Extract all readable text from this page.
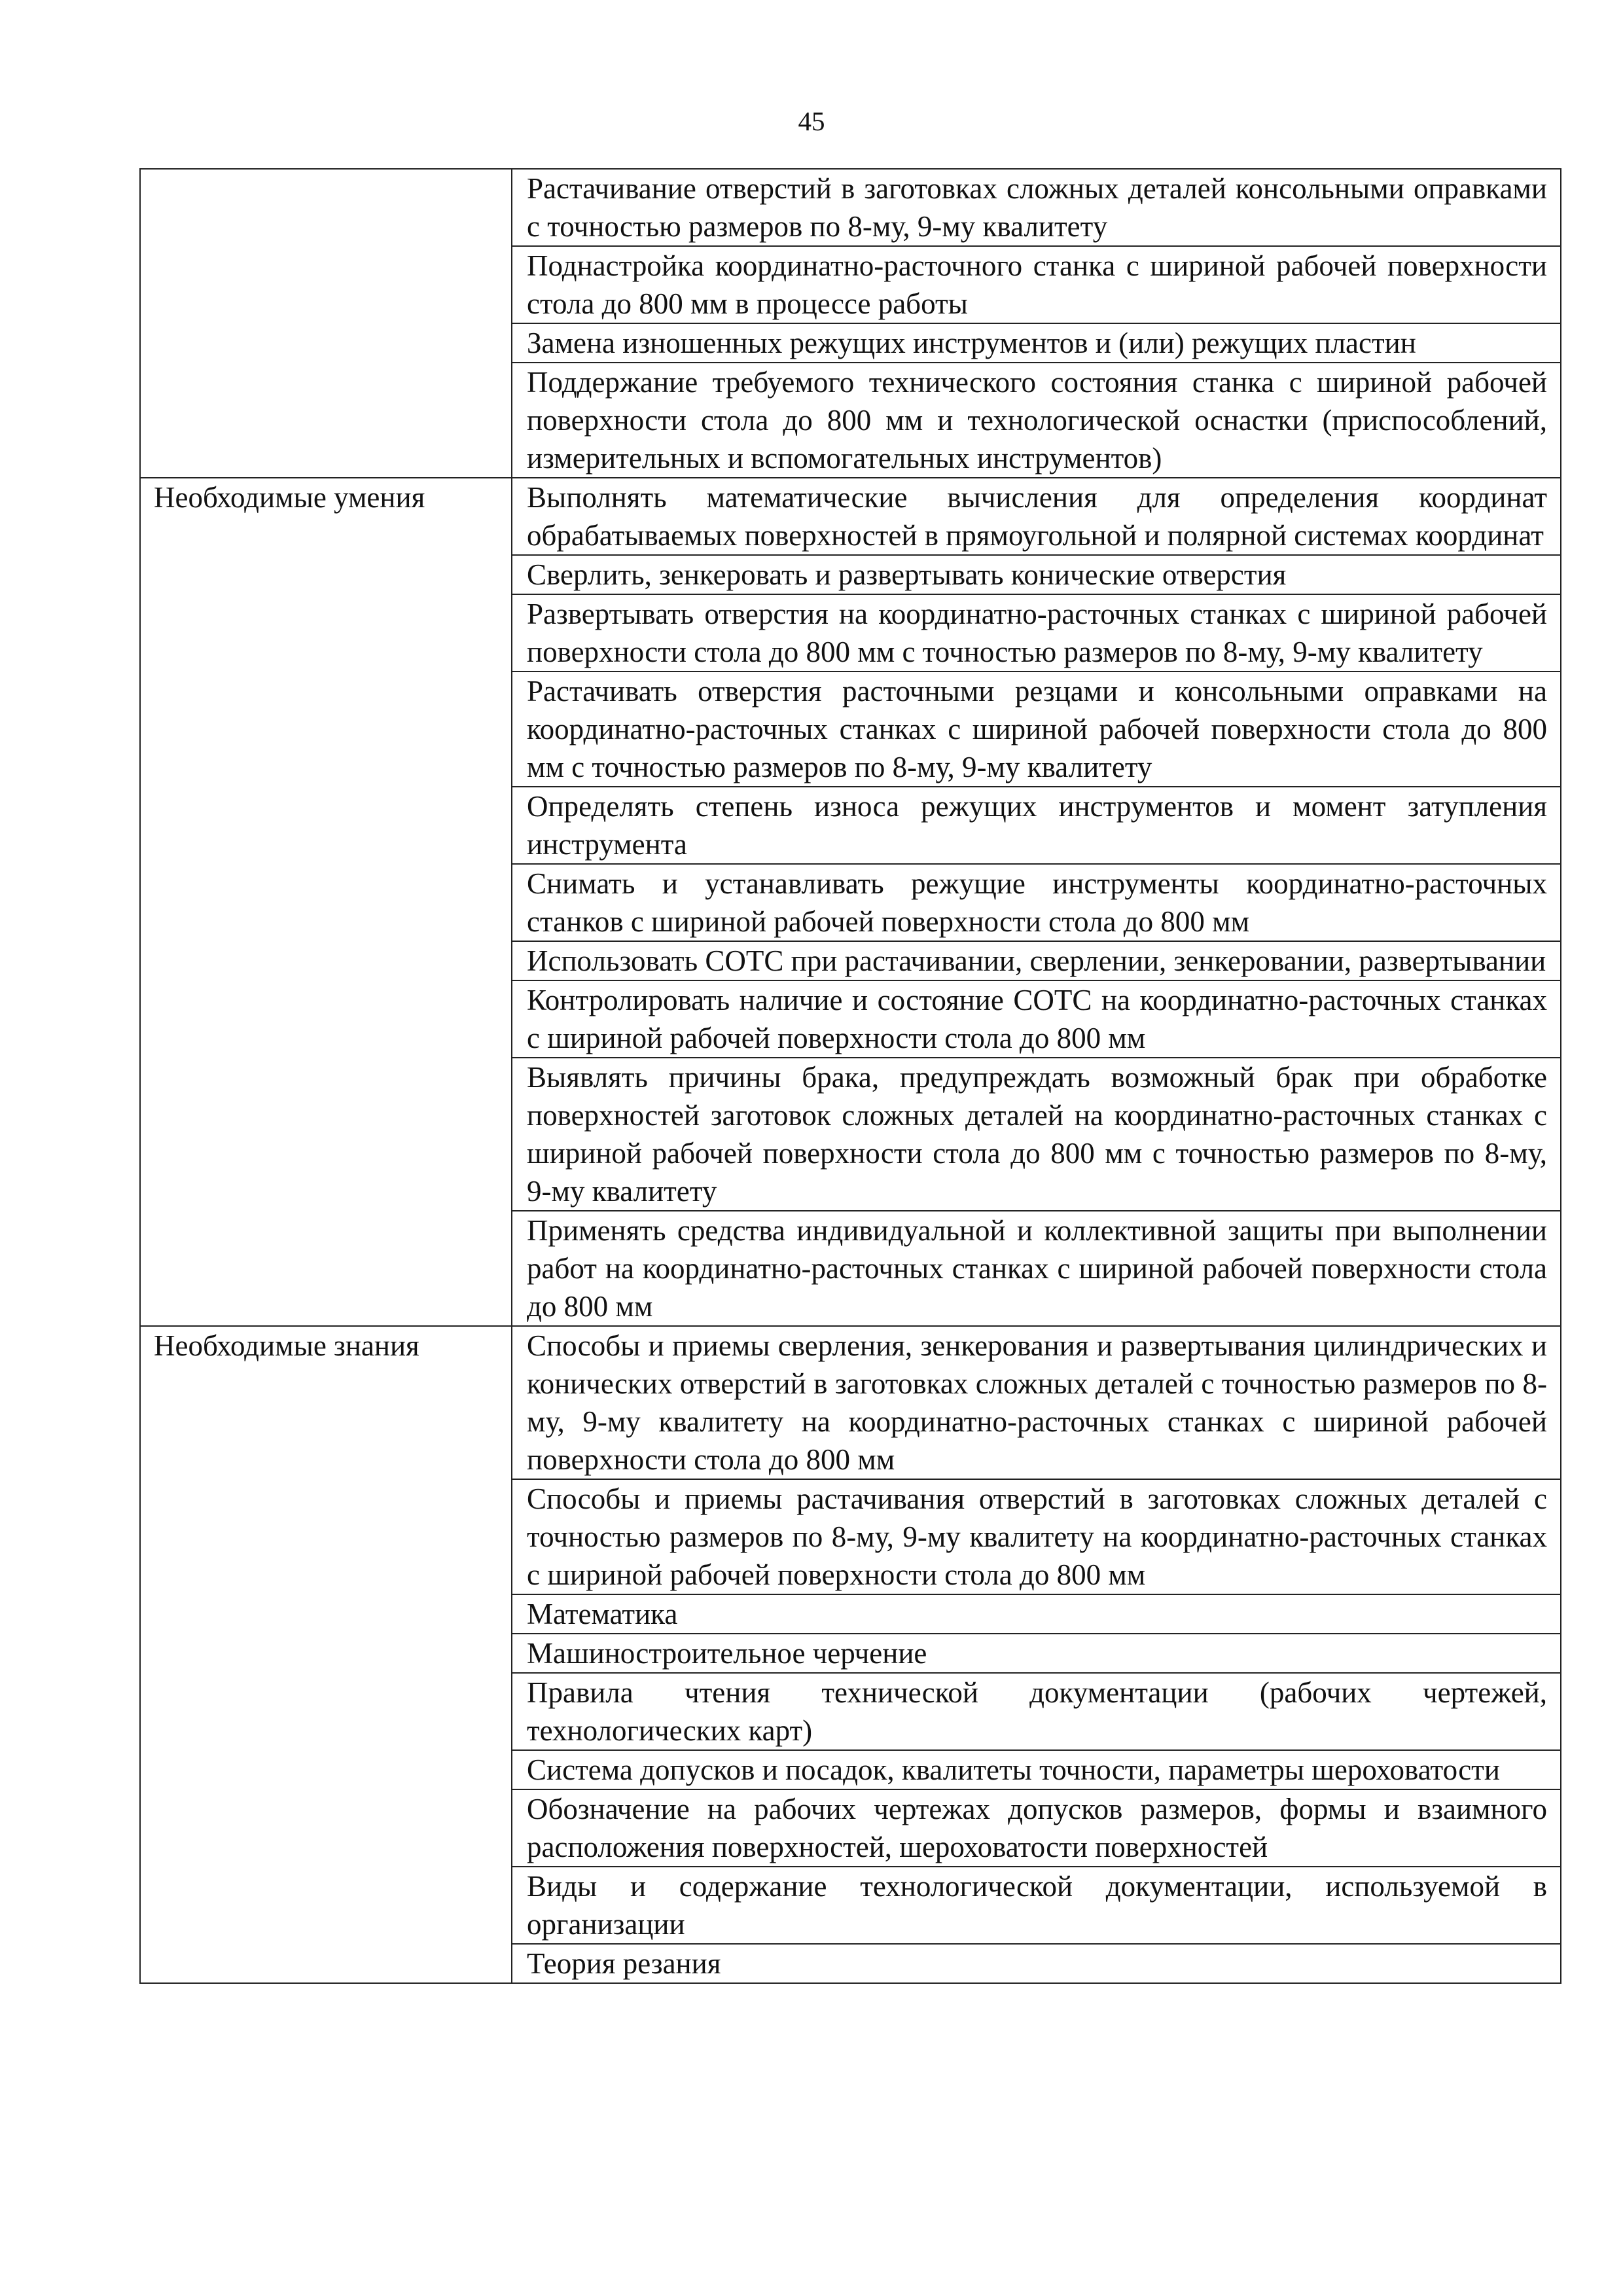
45
	Растачивание отверстий в заготовках сложных деталей консольными оправками с точностью размеров по 8-му, 9-му квалитету
	Поднастройка координатно-расточного станка с шириной рабочей поверхности стола до 800 мм в процессе работы
	Замена изношенных режущих инструментов и (или) режущих пластин
	Поддержание требуемого технического состояния станка с шириной рабочей поверхности стола до 800 мм и технологической оснастки (приспособлений, измерительных и вспомогательных инструментов)
Необходимые умения	Выполнять математические вычисления для определения координат обрабатываемых поверхностей в прямоугольной и полярной системах координат
	Сверлить, зенкеровать и развертывать конические отверстия
	Развертывать отверстия на координатно-расточных станках с шириной рабочей поверхности стола до 800 мм с точностью размеров по 8-му, 9-му квалитету
	Растачивать отверстия расточными резцами и консольными оправками на координатно-расточных станках с шириной рабочей поверхности стола до 800 мм с точностью размеров по 8-му, 9-му квалитету
	Определять степень износа режущих инструментов и момент затупления инструмента
	Снимать и устанавливать режущие инструменты координатно-расточных станков с шириной рабочей поверхности стола до 800 мм
	Использовать СОТС при растачивании, сверлении, зенкеровании, развертывании
	Контролировать наличие и состояние СОТС на координатно-расточных станках с шириной рабочей поверхности стола до 800 мм
	Выявлять причины брака, предупреждать возможный брак при обработке поверхностей заготовок сложных деталей на координатно-расточных станках с шириной рабочей поверхности стола до 800 мм с точностью размеров по 8-му, 9-му квалитету
	Применять средства индивидуальной и коллективной защиты при выполнении работ на координатно-расточных станках с шириной рабочей поверхности стола до 800 мм
Необходимые знания	Способы и приемы сверления, зенкерования и развертывания цилиндрических и конических отверстий в заготовках сложных деталей с точностью размеров по 8-му, 9-му квалитету на координатно-расточных станках с шириной рабочей поверхности стола до 800 мм
	Способы и приемы растачивания отверстий в заготовках сложных деталей с точностью размеров по 8-му, 9-му квалитету на координатно-расточных станках с шириной рабочей поверхности стола до 800 мм
	Математика
	Машиностроительное черчение
	Правила чтения технической документации (рабочих чертежей, технологических карт)
	Система допусков и посадок, квалитеты точности, параметры шероховатости
	Обозначение на рабочих чертежах допусков размеров, формы и взаимного расположения поверхностей, шероховатости поверхностей
	Виды и содержание технологической документации, используемой в организации
	Теория резания
